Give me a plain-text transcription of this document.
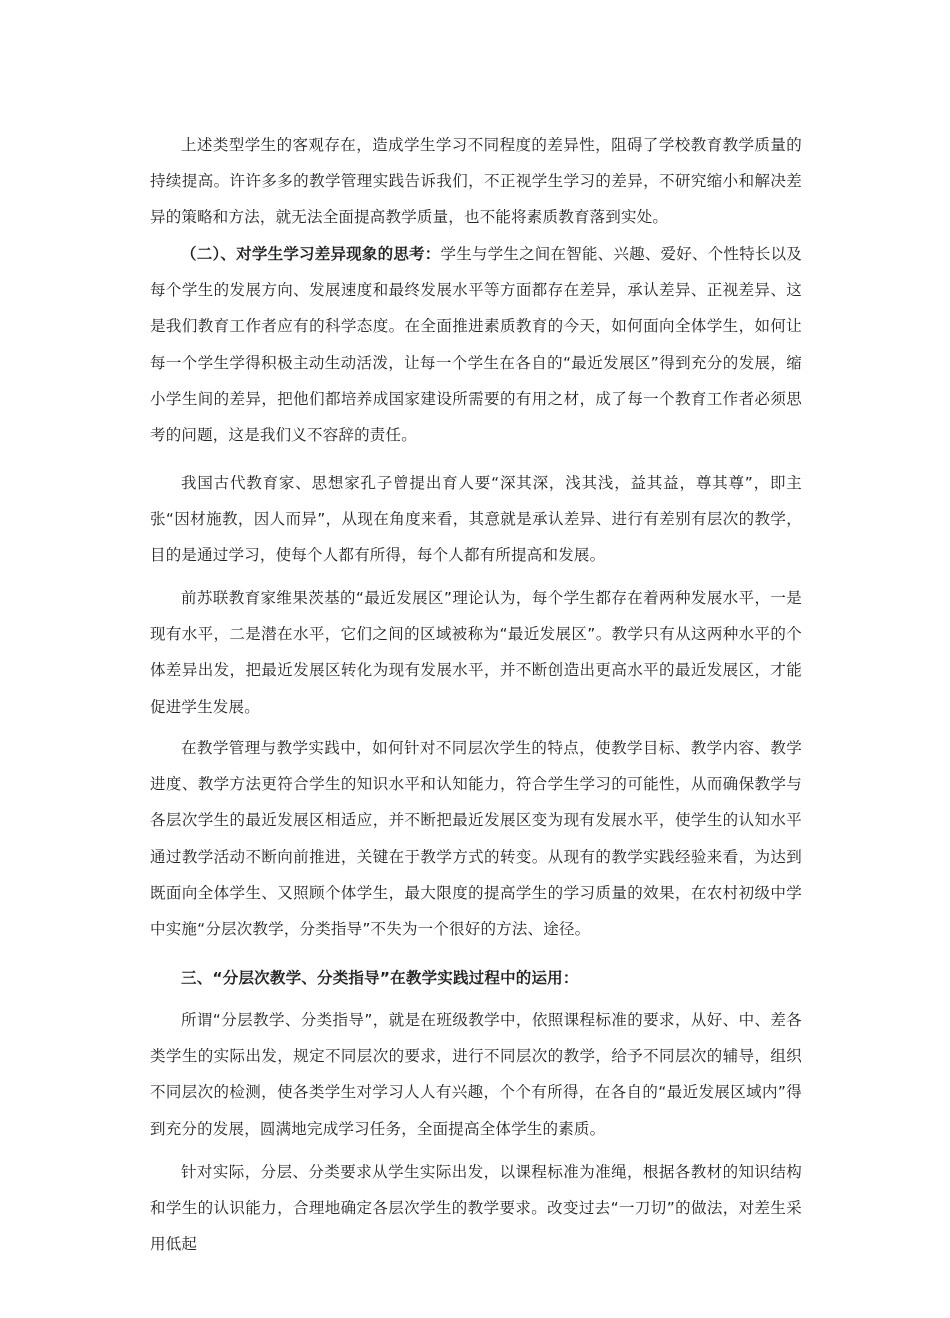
上述类型学生的客观存在，造成学生学习不同程度的差异性，阻碍了学校教育教学质量的持续提高。许许多多的教学管理实践告诉我们，不正视学生学习的差异，不研究缩小和解决差异的策略和方法，就无法全面提高教学质量，也不能将素质教育落到实处。

（二）、对学生学习差异现象的思考：学生与学生之间在智能、兴趣、爱好、个性特长以及每个学生的发展方向、发展速度和最终发展水平等方面都存在差异，承认差异、正视差异、这是我们教育工作者应有的科学态度。在全面推进素质教育的今天，如何面向全体学生，如何让每一个学生学得积极主动生动活泼，让每一个学生在各自的“最近发展区”得到充分的发展，缩小学生间的差异，把他们都培养成国家建设所需要的有用之材，成了每一个教育工作者必须思考的问题，这是我们义不容辞的责任。

我国古代教育家、思想家孔子曾提出育人要“深其深，浅其浅，益其益，尊其尊”，即主张“因材施教，因人而异”，从现在角度来看，其意就是承认差异、进行有差别有层次的教学，目的是通过学习，使每个人都有所得，每个人都有所提高和发展。

前苏联教育家维果茨基的“最近发展区”理论认为，每个学生都存在着两种发展水平，一是现有水平，二是潜在水平，它们之间的区域被称为“最近发展区”。教学只有从这两种水平的个体差异出发，把最近发展区转化为现有发展水平，并不断创造出更高水平的最近发展区，才能促进学生发展。

在教学管理与教学实践中，如何针对不同层次学生的特点，使教学目标、教学内容、教学进度、教学方法更符合学生的知识水平和认知能力，符合学生学习的可能性，从而确保教学与各层次学生的最近发展区相适应，并不断把最近发展区变为现有发展水平，使学生的认知水平通过教学活动不断向前推进，关键在于教学方式的转变。从现有的教学实践经验来看，为达到既面向全体学生、又照顾个体学生，最大限度的提高学生的学习质量的效果，在农村初级中学中实施“分层次教学，分类指导”不失为一个很好的方法、途径。

三、“分层次教学、分类指导”在教学实践过程中的运用：

所谓“分层教学、分类指导”，就是在班级教学中，依照课程标准的要求，从好、中、差各类学生的实际出发，规定不同层次的要求，进行不同层次的教学，给予不同层次的辅导，组织不同层次的检测，使各类学生对学习人人有兴趣，个个有所得，在各自的“最近发展区域内”得到充分的发展，圆满地完成学习任务，全面提高全体学生的素质。

针对实际，分层、分类要求从学生实际出发，以课程标准为准绳，根据各教材的知识结构和学生的认识能力，合理地确定各层次学生的教学要求。改变过去“一刀切”的做法，对差生采用低起
